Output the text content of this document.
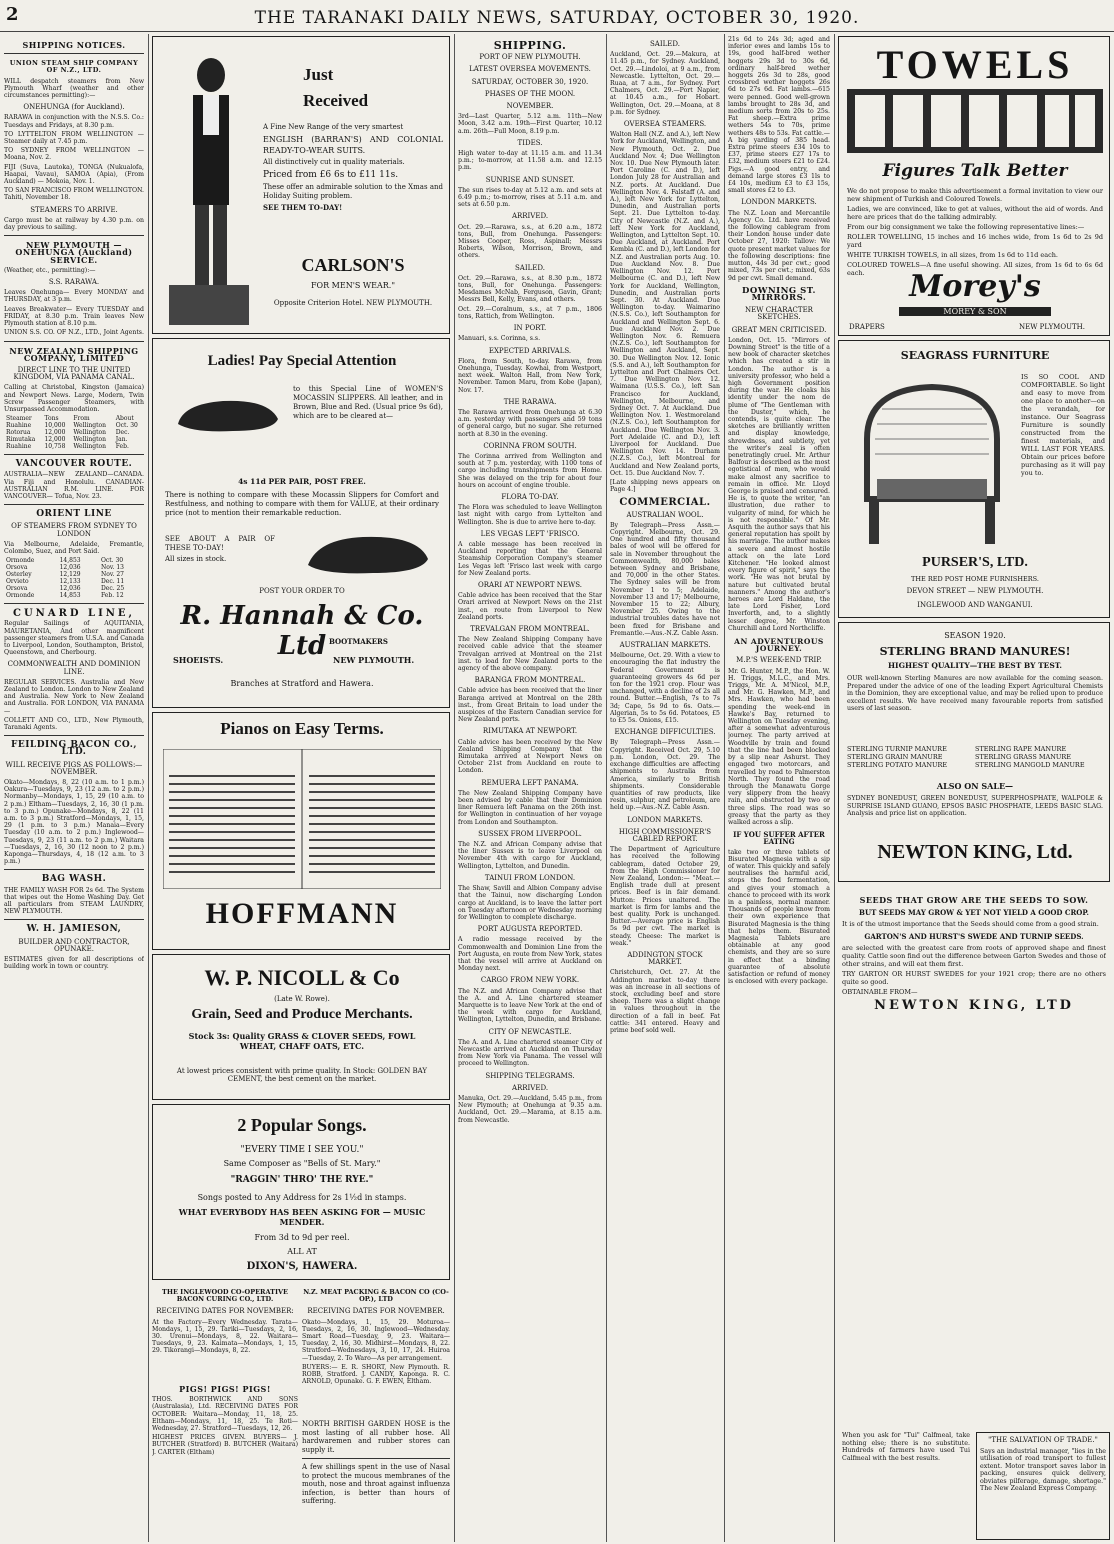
2	THE TARANAKI DAILY NEWS, SATURDAY, OCTOBER 30, 1920.
SHIPPING NOTICES.
UNION STEAM SHIP COMPANY OF N.Z., LTD.

WILL despatch steamers from New Plymouth Wharf (weather and other circumstances permitting):—

ONEHUNGA (for Auckland).

RARAWA in conjunction with the N.S.S. Co.: Tuesdays and Fridays, at 8.30 p.m.

TO LYTTELTON FROM WELLINGTON — Steamer daily at 7.45 p.m.

TO SYDNEY FROM WELLINGTON — Moana, Nov. 2.

FIJI (Suva, Lautoka), TONGA (Nukualofa, Haapai, Vavau), SAMOA (Apia), (From Auckland) — Mokoia, Nov. 1.

TO SAN FRANCISCO FROM WELLINGTON. Tahiti, November 18.

STEAMERS TO ARRIVE.

Cargo must be at railway by 4.30 p.m. on day previous to sailing.

NEW PLYMOUTH — ONEHUNGA (Auckland) SERVICE.

(Weather, etc., permitting):—

S.S. RARAWA.

Leaves Onehunga— Every MONDAY and THURSDAY, at 3 p.m.

Leaves Breakwater— Every TUESDAY and FRIDAY, at 8.30 p.m. Train leaves New Plymouth station at 8.10 p.m.

UNION S.S. CO. OF N.Z., LTD., Joint Agents.

NEW ZEALAND SHIPPING COMPANY, LIMITED
DIRECT LINE TO THE UNITED KINGDOM, VIA PANAMA CANAL.

Calling at Christobal, Kingston (Jamaica) and Newport News. Large, Modern, Twin Screw Passenger Steamers, with Unsurpassed Accommodation.

Steamer	Tons	From	About
Ruahine	10,000	Wellington	Oct. 30
Rotorua	12,000	Wellington	Dec.
Rimutaka	12,000	Wellington	Jan.
Ruahine	10,758	Wellington	Feb.
VANCOUVER ROUTE.

AUSTRALIA—NEW ZEALAND—CANADA. Via Fiji and Honolulu. CANADIAN-AUSTRALIAN R.M. LINE. FOR VANCOUVER— Tofua, Nov. 23.

ORIENT LINE
OF STEAMERS FROM SYDNEY TO LONDON

Via Melbourne, Adelaide, Fremantle, Colombo, Suez, and Port Said.

Ormonde	14,853	Oct. 30
Orsova	12,036	Nov. 13
Osterley	12,129	Nov. 27
Orvieto	12,133	Dec. 11
Orsova	12,036	Dec. 25
Ormonde	14,853	Feb. 12
CUNARD LINE,

Regular Sailings of AQUITANIA, MAURETANIA, And other magnificent passenger steamers from U.S.A. and Canada to Liverpool, London, Southampton, Bristol, Queenstown, and Cherbourg.

COMMONWEALTH AND DOMINION LINE.

REGULAR SERVICES. Australia and New Zealand to London. London to New Zealand and Australia. New York to New Zealand and Australia. FOR LONDON, VIA PANAMA—

COLLETT AND CO., LTD., New Plymouth, Taranaki Agents.

FEILDING BACON CO., LTD.
WILL RECEIVE PIGS AS FOLLOWS:— NOVEMBER.

Okato—Mondays, 8, 22 (10 a.m. to 1 p.m.) Oakura—Tuesdays, 9, 23 (12 a.m. to 2 p.m.) Normanby—Mondays, 1, 15, 29 (10 a.m. to 2 p.m.) Eltham—Tuesdays, 2, 16, 30 (1 p.m. to 3 p.m.) Opunake—Mondays, 8, 22 (11 a.m. to 3 p.m.) Stratford—Mondays, 1, 15, 29 (1 p.m. to 3 p.m.) Manaia—Every Tuesday (10 a.m. to 2 p.m.) Inglewood—Tuesdays, 9, 23 (11 a.m. to 2 p.m.) Waitara—Tuesdays, 2, 16, 30 (12 noon to 2 p.m.) Kaponga—Thursdays, 4, 18 (12 a.m. to 3 p.m.)

BAG WASH.

THE FAMILY WASH FOR 2s 6d. The System that wipes out the Home Washing Day. Get all particulars from STEAM LAUNDRY, NEW PLYMOUTH.

W. H. JAMIESON,
BUILDER AND CONTRACTOR, OPUNAKE.

ESTIMATES given for all descriptions of building work in town or country.

Just
Received

A Fine New Range of the very smartest

ENGLISH (BARRAN'S) AND COLONIAL READY-TO-WEAR SUITS.

All distinctively cut in quality materials.

Priced from £6 6s to £11 11s.

These offer an admirable solution to the Xmas and Holiday Suiting problem.

SEE THEM TO-DAY!

CARLSON'S
FOR MEN'S WEAR."
Opposite Criterion Hotel. NEW PLYMOUTH.
Ladies! Pay Special Attention

to this Special Line of WOMEN'S MOCASSIN SLIPPERS. All leather, and in Brown, Blue and Red. (Usual price 9s 6d), which are to be cleared at—

4s 11d PER PAIR, POST FREE.

There is nothing to compare with these Mocassin Slippers for Comfort and Restfulness, and nothing to compare with them for VALUE, at their ordinary price (not to mention their remarkable reduction.

SEE ABOUT A PAIR OF THESE TO-DAY!

All sizes in stock.

POST YOUR ORDER TO
R. Hannah & Co. Ltd BOOTMAKERS
SHOEISTS.	NEW PLYMOUTH.
Branches at Stratford and Hawera.
Pianos on Easy Terms.
HOFFMANN
W. P. NICOLL & Co
(Late W. Rowe).
Grain, Seed and Produce Merchants.
Stock 3s: Quality GRASS & CLOVER SEEDS, FOWL WHEAT, CHAFF OATS, ETC.
At lowest prices consistent with prime quality. In Stock: GOLDEN BAY CEMENT, the best cement on the market.
2 Popular Songs.
"EVERY TIME I SEE YOU."
Same Composer as "Bells of St. Mary."
"RAGGIN' THRO' THE RYE."
Songs posted to Any Address for 2s 1½d in stamps.
WHAT EVERYBODY HAS BEEN ASKING FOR — MUSIC MENDER.
From 3d to 9d per reel.
ALL AT
DIXON'S, HAWERA.
THE INGLEWOOD CO-OPERATIVE BACON CURING CO., LTD.
RECEIVING DATES FOR NOVEMBER:

At the Factory—Every Wednesday. Tarata—Mondays, 1, 15, 29. Tariki—Tuesdays, 2, 16, 30. Urenui—Mondays, 8, 22. Waitara—Tuesdays, 9, 23. Kaimata—Mondays, 1, 15, 29. Tikorangi—Mondays, 8, 22.

PIGS! PIGS! PIGS!

THOS. BORTHWICK AND SONS (Australasia), Ltd. RECEIVING DATES FOR OCTOBER: Waitara—Monday, 11, 18, 25. Eltham—Mondays, 11, 18, 25. Te Roti—Wednesday, 27. Stratford—Tuesdays, 12, 26.

HIGHEST PRICES GIVEN. BUYERS— J. BUTCHER (Stratford) B. BUTCHER (Waitara) J. CARTER (Eltham)

N.Z. MEAT PACKING & BACON CO (CO-OP.), LTD
RECEIVING DATES FOR NOVEMBER.

Okato—Mondays, 1, 15, 29. Moturoa—Tuesdays, 2, 16, 30. Inglewood—Wednesday. Smart Road—Tuesday, 9, 23. Waitara—Tuesday, 2, 16, 30. Midhirst—Mondays, 8, 22. Stratford—Wednesdays, 3, 10, 17, 24. Huiroa—Tuesday, 2. To Waro—As per arrangement.

BUYERS:— E. R. SHORT, New Plymouth. R. ROBB, Stratford. J. CANDY, Kaponga. R. C. ARNOLD, Opunake. G. F. EWEN, Eltham.

NORTH BRITISH GARDEN HOSE is the most lasting of all rubber hose. All hardwaremen and rubber stores can supply it.

A few shillings spent in the use of Nasal to protect the mucous membranes of the mouth, nose and throat against influenza infection, is better than hours of suffering.

SHIPPING.
PORT OF NEW PLYMOUTH.
LATEST OVERSEA MOVEMENTS.
SATURDAY, OCTOBER 30, 1920.
PHASES OF THE MOON.
NOVEMBER.

3rd—Last Quarter, 5.12 a.m. 11th—New Moon, 3.42 a.m. 19th—First Quarter, 10.12 a.m. 26th—Full Moon, 8.19 p.m.

TIDES.

High water to-day at 11.15 a.m. and 11.34 p.m.; to-morrow, at 11.58 a.m. and 12.15 p.m.

SUNRISE AND SUNSET.

The sun rises to-day at 5.12 a.m. and sets at 6.49 p.m.; to-morrow, rises at 5.11 a.m. and sets at 6.50 p.m.

ARRIVED.

Oct. 29.—Rarawa, s.s., at 6.20 a.m., 1872 tons, Bull, from Onehunga. Passengers: Misses Cooper, Ross, Aspinall; Messrs Roberts, Wilson, Morrison, Brown, and others.

SAILED.

Oct. 29.—Rarawa, s.s., at 8.30 p.m., 1872 tons, Bull, for Onehunga. Passengers: Mesdames McNab, Ferguson, Gavin, Grant; Messrs Bell, Kelly, Evans, and others.

Oct. 29.—Coralnum, s.s., at 7 p.m., 1806 tons, Rattich, from Wellington.

IN PORT.

Manuari, s.s. Corinna, s.s.

EXPECTED ARRIVALS.

Flora, from South, to-day. Rarawa, from Onehunga, Tuesday. Kowhai, from Westport, next week. Walton Hall, from New York, November. Tamon Maru, from Kobe (Japan), Nov. 17.

THE RARAWA.

The Rarawa arrived from Onehunga at 6.30 a.m. yesterday with passengers and 59 tons of general cargo, but no sugar. She returned north at 8.30 in the evening.

CORINNA FROM SOUTH.

The Corinna arrived from Wellington and south at 7 p.m. yesterday, with 1100 tons of cargo including transhipments from Home. She was delayed on the trip for about four hours on account of engine trouble.

FLORA TO-DAY.

The Flora was scheduled to leave Wellington last night with cargo from Lyttelton and Wellington. She is due to arrive here to-day.

LES VEGAS LEFT 'FRISCO.

A cable message has been received in Auckland reporting that the General Steamship Corporation Company's steamer Les Vegas left 'Frisco last week with cargo for New Zealand ports.

ORARI AT NEWPORT NEWS.

Cable advice has been received that the Star Orari arrived at Newport News on the 21st inst., en route from Liverpool to New Zealand ports.

TREVALGAN FROM MONTREAL.

The New Zealand Shipping Company have received cable advice that the steamer Trevalgan arrived at Montreal on the 21st inst. to load for New Zealand ports to the agency of the above company.

BARANGA FROM MONTREAL.

Cable advice has been received that the liner Baranga arrived at Montreal on the 28th inst., from Great Britain to load under the auspices of the Eastern Canadian service for New Zealand ports.

RIMUTAKA AT NEWPORT.

Cable advice has been received by the New Zealand Shipping Company that the Rimutaka arrived at Newport News on October 21st from Auckland en route to London.

REMUERA LEFT PANAMA.

The New Zealand Shipping Company have been advised by cable that their Dominion liner Remuera left Panama on the 26th inst. for Wellington in continuation of her voyage from London and Southampton.

SUSSEX FROM LIVERPOOL.

The N.Z. and African Company advise that the liner Sussex is to leave Liverpool on November 4th with cargo for Auckland, Wellington, Lyttelton, and Dunedin.

TAINUI FROM LONDON.

The Shaw, Savill and Albion Company advise that the Tainui, now discharging London cargo at Auckland, is to leave the latter port on Tuesday afternoon or Wednesday morning for Wellington to complete discharge.

PORT AUGUSTA REPORTED.

A radio message received by the Commonwealth and Dominion Line from the Port Augusta, en route from New York, states that the vessel will arrive at Auckland on Monday next.

CARGO FROM NEW YORK.

The N.Z. and African Company advise that the A. and A. Line chartered steamer Marquette is to leave New York at the end of the week with cargo for Auckland, Wellington, Lyttelton, Dunedin, and Brisbane.

CITY OF NEWCASTLE.

The A. and A. Line chartered steamer City of Newcastle arrived at Auckland on Thursday from New York via Panama. The vessel will proceed to Wellington.

SHIPPING TELEGRAMS.
ARRIVED.

Manuka, Oct. 29.—Auckland, 5.45 p.m., from New Plymouth; at Onehunga at 9.35 a.m. Auckland, Oct. 29.—Marama, at 8.15 a.m. from Newcastle.

SAILED.

Auckland, Oct. 29.—Makura, at 11.45 p.m., for Sydney. Auckland, Oct. 29.—Lindoloi, at 9 a.m., from Newcastle. Lyttelton, Oct. 29.—Ruaa, at 7 a.m., for Sydney. Port Chalmers, Oct. 29.—Port Napier, at 10.45 a.m., for Hobart. Wellington, Oct. 29.—Moana, at 8 p.m. for Sydney.

OVERSEA STEAMERS.

Walton Hall (N.Z. and A.), left New York for Auckland, Wellington, and New Plymouth, Oct. 2. Due Auckland Nov. 4; Due Wellington Nov. 10. Due New Plymouth later. Port Caroline (C. and D.), left London July 28 for Australian and N.Z. ports. At Auckland. Due Wellington Nov. 4. Falstaff (A. and A.), left New York for Lyttelton, Dunedin, and Australian ports Sept. 21. Due Lyttelton to-day. City of Newcastle (N.Z. and A.), left New York for Auckland, Wellington, and Lyttelton Sept. 10. Due Auckland, at Auckland. Port Kembla (C. and D.), left London for N.Z. and Australian ports Aug. 10. Due Auckland Nov. 8. Due Wellington Nov. 12. Port Melbourne (C. and D.), left New York for Auckland, Wellington, Dunedin, and Australian ports Sept. 30. At Auckland. Due Wellington to-day. Waimarino (N.S.S. Co.), left Southampton for Auckland and Wellington Sept. 6. Due Auckland Nov. 2. Due Wellington Nov. 6. Remuera (N.Z.S. Co.), left Southampton for Wellington and Auckland, Sept. 30. Due Wellington Nov. 12. Ionic (S.S. and A.), left Southampton for Lyttelton and Port Chalmers Oct. 7. Due Wellington Nov. 12. Waimana (U.S.S. Co.), left San Francisco for Auckland, Wellington, Melbourne, and Sydney Oct. 7. At Auckland. Due Wellington Nov. 1. Westmoreland (N.Z.S. Co.), left Southampton for Auckland. Due Wellington Nov. 3. Port Adelaide (C. and D.), left Liverpool for Auckland. Due Wellington Nov. 14. Durham (N.Z.S. Co.), left Montreal for Auckland and New Zealand ports, Oct. 15. Due Auckland Nov. 7.

[Late shipping news appears on Page 4.]

COMMERCIAL.
AUSTRALIAN WOOL.

By Telegraph—Press Assn.—Copyright. Melbourne, Oct. 29. One hundred and fifty thousand bales of wool will be offered for sale in November throughout the Commonwealth, 80,000 bales between Sydney and Brisbane, and 70,000 in the other States. The Sydney sales will be from November 1 to 5; Adelaide, November 13 and 17; Melbourne, November 15 to 22; Albury, November 25. Owing to the industrial troubles dates have not been fixed for Brisbane and Fremantle.—Aus.-N.Z. Cable Assn.

AUSTRALIAN MARKETS.

Melbourne, Oct. 29. With a view to encouraging the flat industry the Federal Government is guaranteeing growers 4s 6d per ton for the 1921 crop. Flour was unchanged, with a decline of 2s all round. Butter.—English, 7s to 7s 3d; Cape, 5s 9d to 6s. Oats.—Algerian, 5s to 5s 6d. Potatoes, £5 to £5 5s. Onions, £15.

EXCHANGE DIFFICULTIES.

By Telegraph—Press Assn.—Copyright. Received Oct. 29, 5.10 p.m. London, Oct. 29. The exchange difficulties are affecting shipments to Australia from America, similarly to British shipments. Considerable quantities of raw products, like resin, sulphur, and petroleum, are held up.—Aus.-N.Z. Cable Assn.

LONDON MARKETS.
HIGH COMMISSIONER'S CABLED REPORT.

The Department of Agriculture has received the following cablegram, dated October 29, from the High Commissioner for New Zealand, London:— "Meat.—English trade dull at present prices. Beef is in fair demand. Mutton: Prices unaltered. The market is firm for lambs and the best quality. Pork is unchanged. Butter.—Average price is English 5s 9d per cwt. The market is steady. Cheese: The market is weak."

ADDINGTON STOCK MARKET.

Christchurch, Oct. 27. At the Addington market to-day there was an increase in all sections of stock, excluding beef and store sheep. There was a slight change in values throughout in the direction of a fall in beef. Fat cattle: 341 entered. Heavy and prime beef sold well.

21s 6d to 24s 3d; aged and inferior ewes and lambs 15s to 19s, good half-bred wether hoggets 29s 3d to 30s 6d, ordinary half-bred wether hoggets 26s 3d to 28s, good crossbred wether hoggets 26s 6d to 27s 6d. Fat lambs.—615 were penned. Good well-grown lambs brought to 28s 3d, and medium sorts from 20s to 25s. Fat sheep.—Extra prime wethers 54s to 70s, prime wethers 48s to 53s. Fat cattle.—A big yarding of 385 head. Extra prime steers £34 10s to £37, prime steers £27 17s to £32, medium steers £21 to £24. Pigs.—A good entry, and demand large stores £3 1ls to £4 10s, medium £3 to £3 15s, small stores £2 to £3.

LONDON MARKETS.

The N.Z. Loan and Mercantile Agency Co. Ltd. have received the following cablegram from their London house under date October 27, 1920: Tallow: We quote present market values for the following descriptions: fine mutton, 44s 3d per cwt.; good mixed, 73s per cwt.; mixed, 63s 9d per cwt. Small demand.

DOWNING ST. MIRRORS.
NEW CHARACTER SKETCHES.
GREAT MEN CRITICISED.

London, Oct. 15. "Mirrors of Downing Street" is the title of a new book of character sketches which has created a stir in London. The author is a university professor, who held a high Government position during the war. He cloaks his identity under the nom de plume of "The Gentleman with the Duster," which, he contends, is quite clear. The sketches are brilliantly written and display knowledge, shrewdness, and subtlety, yet the writer's zeal is often penetratingly cruel. Mr. Arthur Balfour is described as the most egotistical of men, who would make almost any sacrifice to remain in office. Mr. Lloyd George is praised and censured. He is, to quote the writer, "an illustration, due rather to vulgarity of mind, for which he is not responsible." Of Mr. Asquith the author says that his general reputation has spoilt by his marriage. The author makes a severe and almost hostile attack on the late Lord Kitchener. "He looked almost every figure of spirit," says the work. "He was not brutal by nature but cultivated brutal manners." Among the author's heroes are Lord Haldane, the late Lord Fisher, Lord Inverforth, and, to a slightly lesser degree, Mr. Winston Churchill and Lord Northcliffe.

AN ADVENTUROUS JOURNEY.
M.P.'S WEEK-END TRIP.

Mr. G. Hunter, M.P., the Hon. W. H. Triggs, M.L.C., and Mrs. Triggs, Mr. A. M'Nicol, M.P., and Mr. G. Hawken, M.P., and Mrs. Hawken, who had been spending the week-end in Hawke's Bay, returned to Wellington on Tuesday evening, after a somewhat adventurous journey. The party arrived at Woodville by train and found that the line had been blocked by a slip near Ashurst. They engaged two motorcars, and travelled by road to Palmerston North. They found the road through the Manawatu Gorge very slippery from the heavy rain, and obstructed by two or three slips. The road was so greasy that the party as they walked across a slip.

IF YOU SUFFER AFTER EATING

take two or three tablets of Bisurated Magnesia with a sip of water. This quickly and safely neutralises the harmful acid, stops the food fermentation, and gives your stomach a chance to proceed with its work in a painless, normal manner. Thousands of people know from their own experience that Bisurated Magnesia is the thing that helps them. Bisurated Magnesia Tablets are obtainable at any good chemists, and they are so sure in effect that a binding guarantee of absolute satisfaction or refund of money is enclosed with every package.

TOWELS
Figures Talk Better

We do not propose to make this advertisement a formal invitation to view our new shipment of Turkish and Coloured Towels.

Ladies, we are convinced, like to get at values, without the aid of words. And here are prices that do the talking admirably.

From our big consignment we take the following representative lines:—

ROLLER TOWELLING, 15 inches and 16 inches wide, from 1s 6d to 2s 9d yard

WHITE TURKISH TOWELS, in all sizes, from 1s 6d to 11d each.

COLOURED TOWELS—A fine useful showing. All sizes, from 1s 6d to 6s 6d each.	Morey's
MOREY & SON
DRAPERS	NEW PLYMOUTH.
SEAGRASS FURNITURE

IS SO COOL AND COMFORTABLE. So light and easy to move from one place to another—on the verandah, for instance. Our Seagrass Furniture is soundly constructed from the finest materials, and WILL LAST FOR YEARS. Obtain our prices before purchasing as it will pay you to.

PURSER'S, LTD.
THE RED POST HOME FURNISHERS.
DEVON STREET — NEW PLYMOUTH.
INGLEWOOD AND WANGANUI.
SEASON 1920.
STERLING BRAND MANURES!
HIGHEST QUALITY—THE BEST BY TEST.

OUR well-known Sterling Manures are now available for the coming season. Prepared under the advice of one of the leading Expert Agricultural Chemists in the Dominion, they are exceptional value, and may be relied upon to produce excellent results. We have received many favourable reports from satisfied users of last season.

STERLING TURNIP MANURE	STERLING RAPE MANURE
STERLING GRAIN MANURE	STERLING GRASS MANURE
STERLING POTATO MANURE	STERLING MANGOLD MANURE
ALSO ON SALE—

SYDNEY BONEDUST, GREEN BONEDUST, SUPERPHOSPHATE, WALPOLE & SURPRISE ISLAND GUANO, EPSOS BASIC PHOSPHATE, LEEDS BASIC SLAG. Analysis and price list on application.

NEWTON KING, Ltd.
SEEDS THAT GROW ARE THE SEEDS TO SOW.
BUT SEEDS MAY GROW & YET NOT YIELD A GOOD CROP.

It is of the utmost importance that the Seeds should come from a good strain.

GARTON'S AND HURST'S SWEDE AND TURNIP SEEDS.

are selected with the greatest care from roots of approved shape and finest quality. Cattle soon find out the difference between Garton Swedes and those of other strains, and will eat them first.

TRY GARTON OR HURST SWEDES for your 1921 crop; there are no others quite so good.

OBTAINABLE FROM—

NEWTON KING, LTD

When you ask for "Tui" Calfmeal, take nothing else; there is no substitute. Hundreds of farmers have used Tui Calfmeal with the best results.

"THE SALVATION OF TRADE."

Says an industrial manager, "lies in the utilisation of road transport to fullest extent. Motor transport saves labor in packing, ensures quick delivery, obviates pilferage, damage, shortage." The New Zealand Express Company.
